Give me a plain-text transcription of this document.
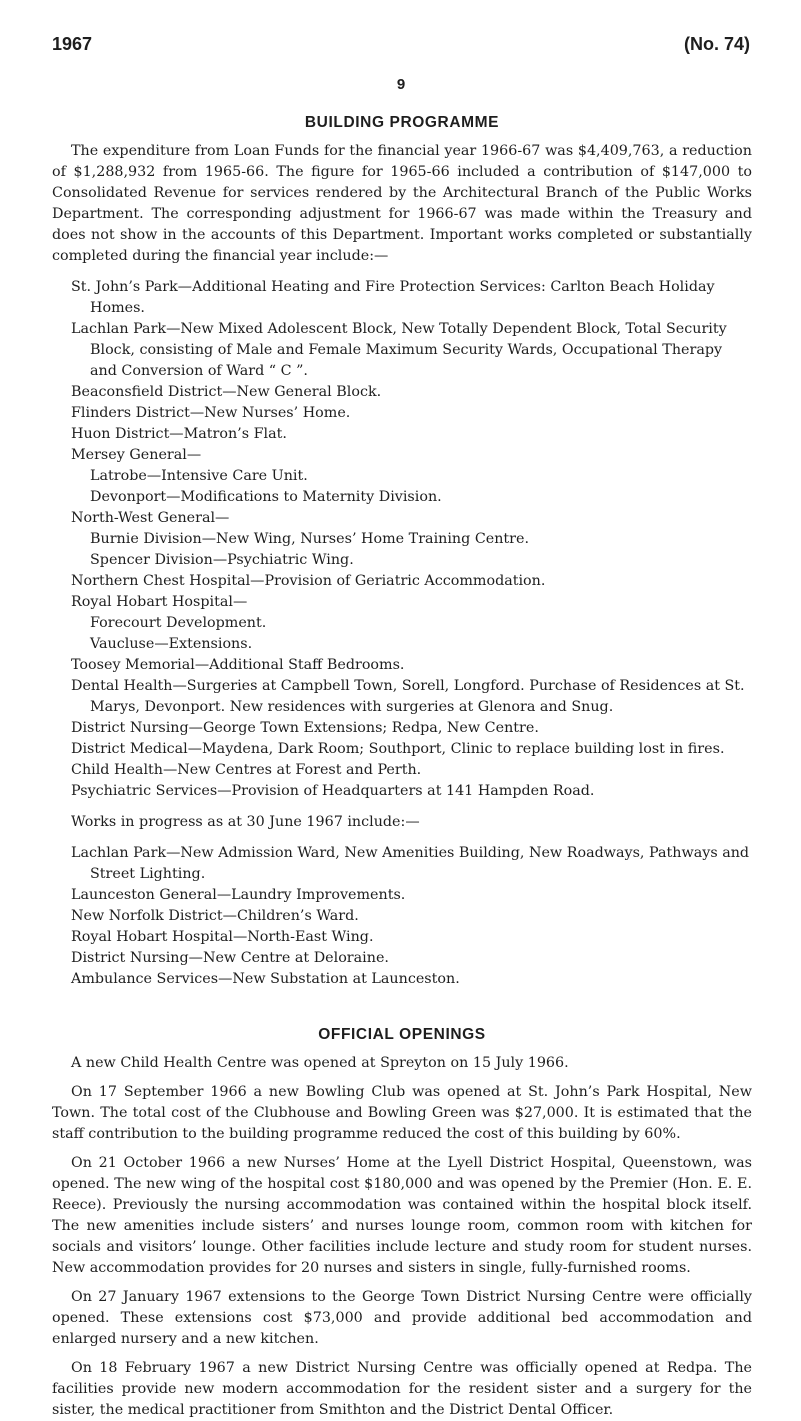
1967	(No. 74)
9
BUILDING PROGRAMME

The expenditure from Loan Funds for the financial year 1966-67 was $4,409,763, a reduction of $1,288,932 from 1965-66. The figure for 1965-66 included a contribution of $147,000 to Consolidated Revenue for services rendered by the Architectural Branch of the Public Works Department. The corresponding adjustment for 1966-67 was made within the Treasury and does not show in the accounts of this Department. Important works completed or substantially completed during the financial year include:—

St. John’s Park—Additional Heating and Fire Protection Services: Carlton Beach Holiday Homes.
Lachlan Park—New Mixed Adolescent Block, New Totally Dependent Block, Total Security Block, consisting of Male and Female Maximum Security Wards, Occupational Therapy and Conversion of Ward “ C ”.
Beaconsfield District—New General Block.
Flinders District—New Nurses’ Home.
Huon District—Matron’s Flat.
Mersey General—
Latrobe—Intensive Care Unit.
Devonport—Modifications to Maternity Division.
North-West General—
Burnie Division—New Wing, Nurses’ Home Training Centre.
Spencer Division—Psychiatric Wing.
Northern Chest Hospital—Provision of Geriatric Accommodation.
Royal Hobart Hospital—
Forecourt Development.
Vaucluse—Extensions.
Toosey Memorial—Additional Staff Bedrooms.
Dental Health—Surgeries at Campbell Town, Sorell, Longford. Purchase of Residences at St. Marys, Devonport. New residences with surgeries at Glenora and Snug.
District Nursing—George Town Extensions; Redpa, New Centre.
District Medical—Maydena, Dark Room; Southport, Clinic to replace building lost in fires.
Child Health—New Centres at Forest and Perth.
Psychiatric Services—Provision of Headquarters at 141 Hampden Road.

Works in progress as at 30 June 1967 include:—

Lachlan Park—New Admission Ward, New Amenities Building, New Roadways, Pathways and Street Lighting.
Launceston General—Laundry Improvements.
New Norfolk District—Children’s Ward.
Royal Hobart Hospital—North-East Wing.
District Nursing—New Centre at Deloraine.
Ambulance Services—New Substation at Launceston.
OFFICIAL OPENINGS

A new Child Health Centre was opened at Spreyton on 15 July 1966.

On 17 September 1966 a new Bowling Club was opened at St. John’s Park Hospital, New Town. The total cost of the Clubhouse and Bowling Green was $27,000. It is estimated that the staff contribution to the building programme reduced the cost of this building by 60%.

On 21 October 1966 a new Nurses’ Home at the Lyell District Hospital, Queenstown, was opened. The new wing of the hospital cost $180,000 and was opened by the Premier (Hon. E. E. Reece). Previously the nursing accommodation was contained within the hospital block itself. The new amenities include sisters’ and nurses lounge room, common room with kitchen for socials and visitors’ lounge. Other facilities include lecture and study room for student nurses. New accommodation provides for 20 nurses and sisters in single, fully-furnished rooms.

On 27 January 1967 extensions to the George Town District Nursing Centre were officially opened. These extensions cost $73,000 and provide additional bed accommodation and enlarged nursery and a new kitchen.

On 18 February 1967 a new District Nursing Centre was officially opened at Redpa. The facilities provide new modern accommodation for the resident sister and a surgery for the sister, the medical practitioner from Smithton and the District Dental Officer.
